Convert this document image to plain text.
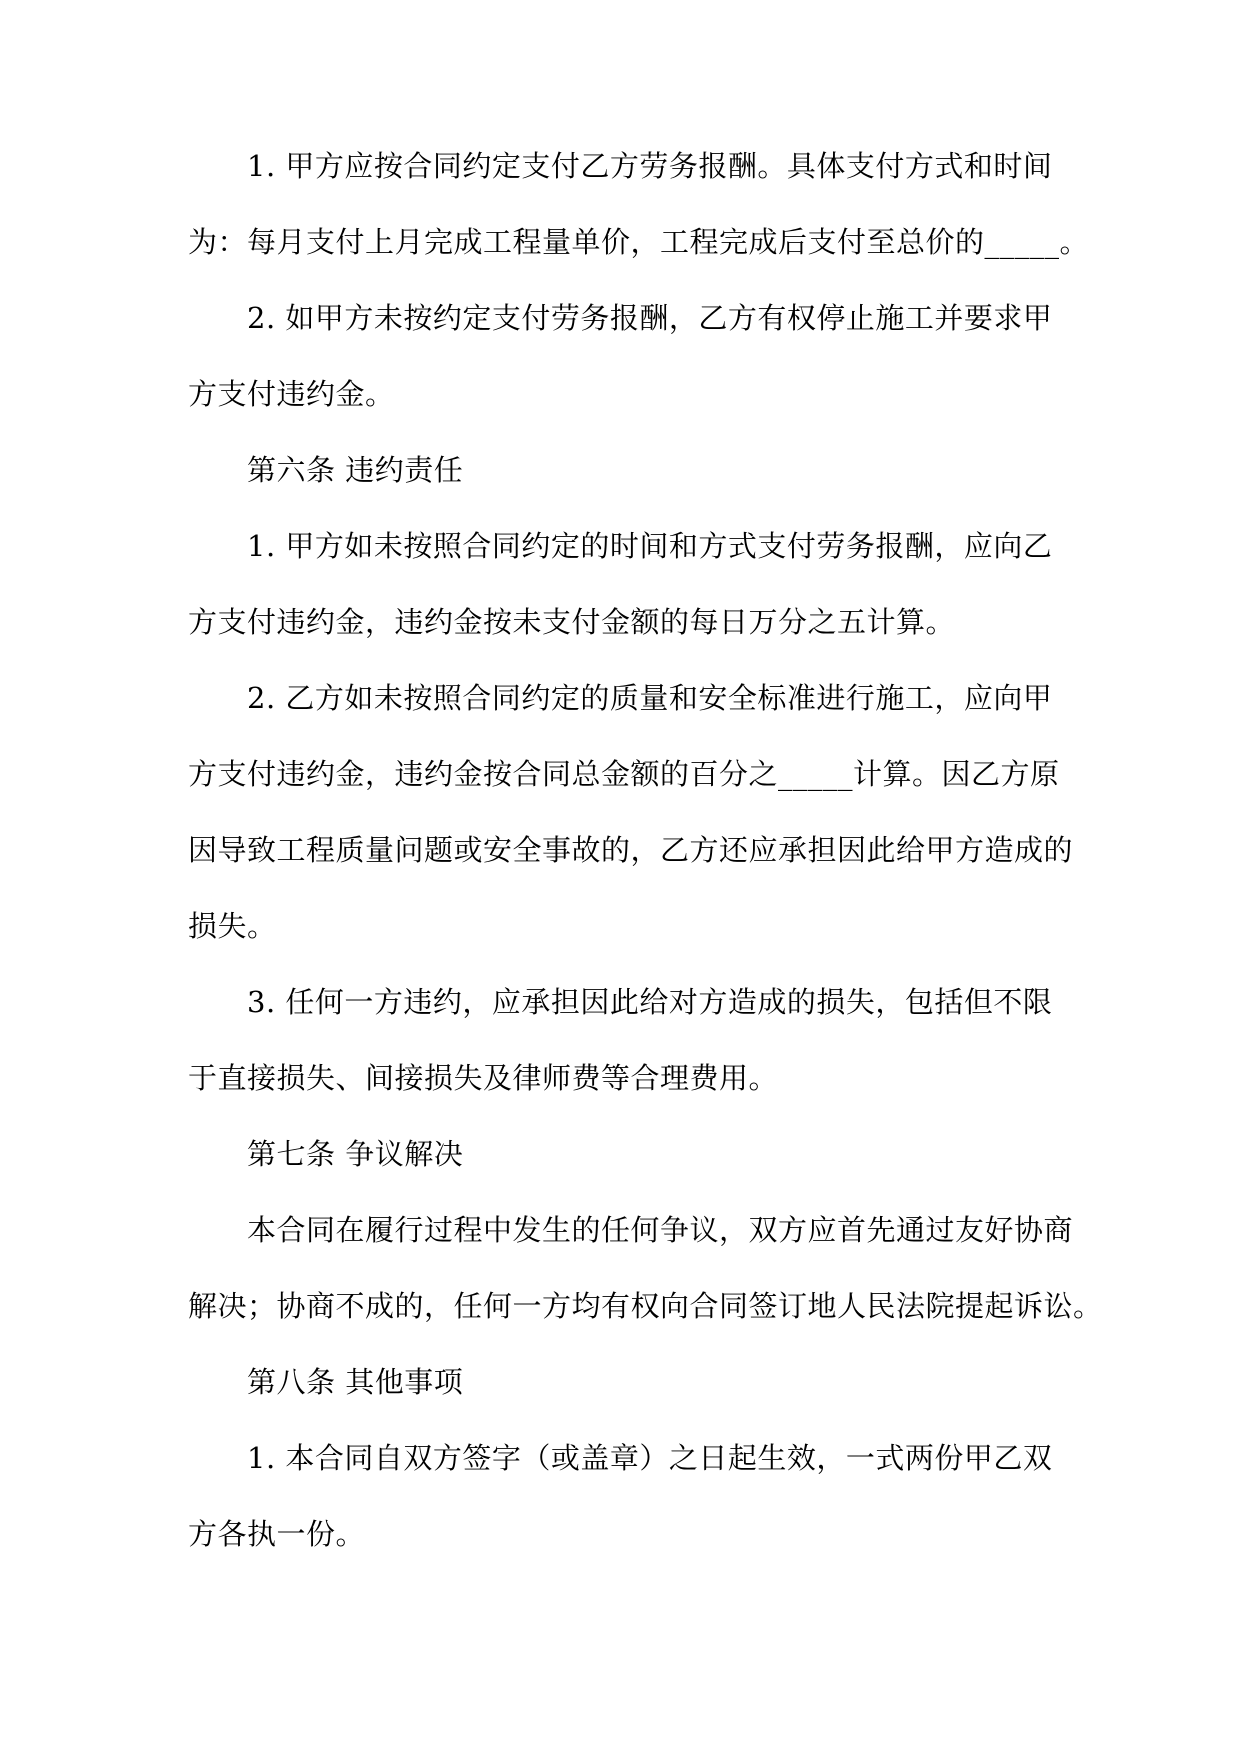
1. 甲方应按合同约定支付乙方劳务报酬。具体支付方式和时间
为：每月支付上月完成工程量单价，工程完成后支付至总价的_____。
2. 如甲方未按约定支付劳务报酬，乙方有权停止施工并要求甲
方支付违约金。
第六条 违约责任
1. 甲方如未按照合同约定的时间和方式支付劳务报酬，应向乙
方支付违约金，违约金按未支付金额的每日万分之五计算。
2. 乙方如未按照合同约定的质量和安全标准进行施工，应向甲
方支付违约金，违约金按合同总金额的百分之_____计算。因乙方原
因导致工程质量问题或安全事故的，乙方还应承担因此给甲方造成的
损失。
3. 任何一方违约，应承担因此给对方造成的损失，包括但不限
于直接损失、间接损失及律师费等合理费用。
第七条 争议解决
本合同在履行过程中发生的任何争议，双方应首先通过友好协商
解决；协商不成的，任何一方均有权向合同签订地人民法院提起诉讼。
第八条 其他事项
1. 本合同自双方签字（或盖章）之日起生效，一式两份甲乙双
方各执一份。
